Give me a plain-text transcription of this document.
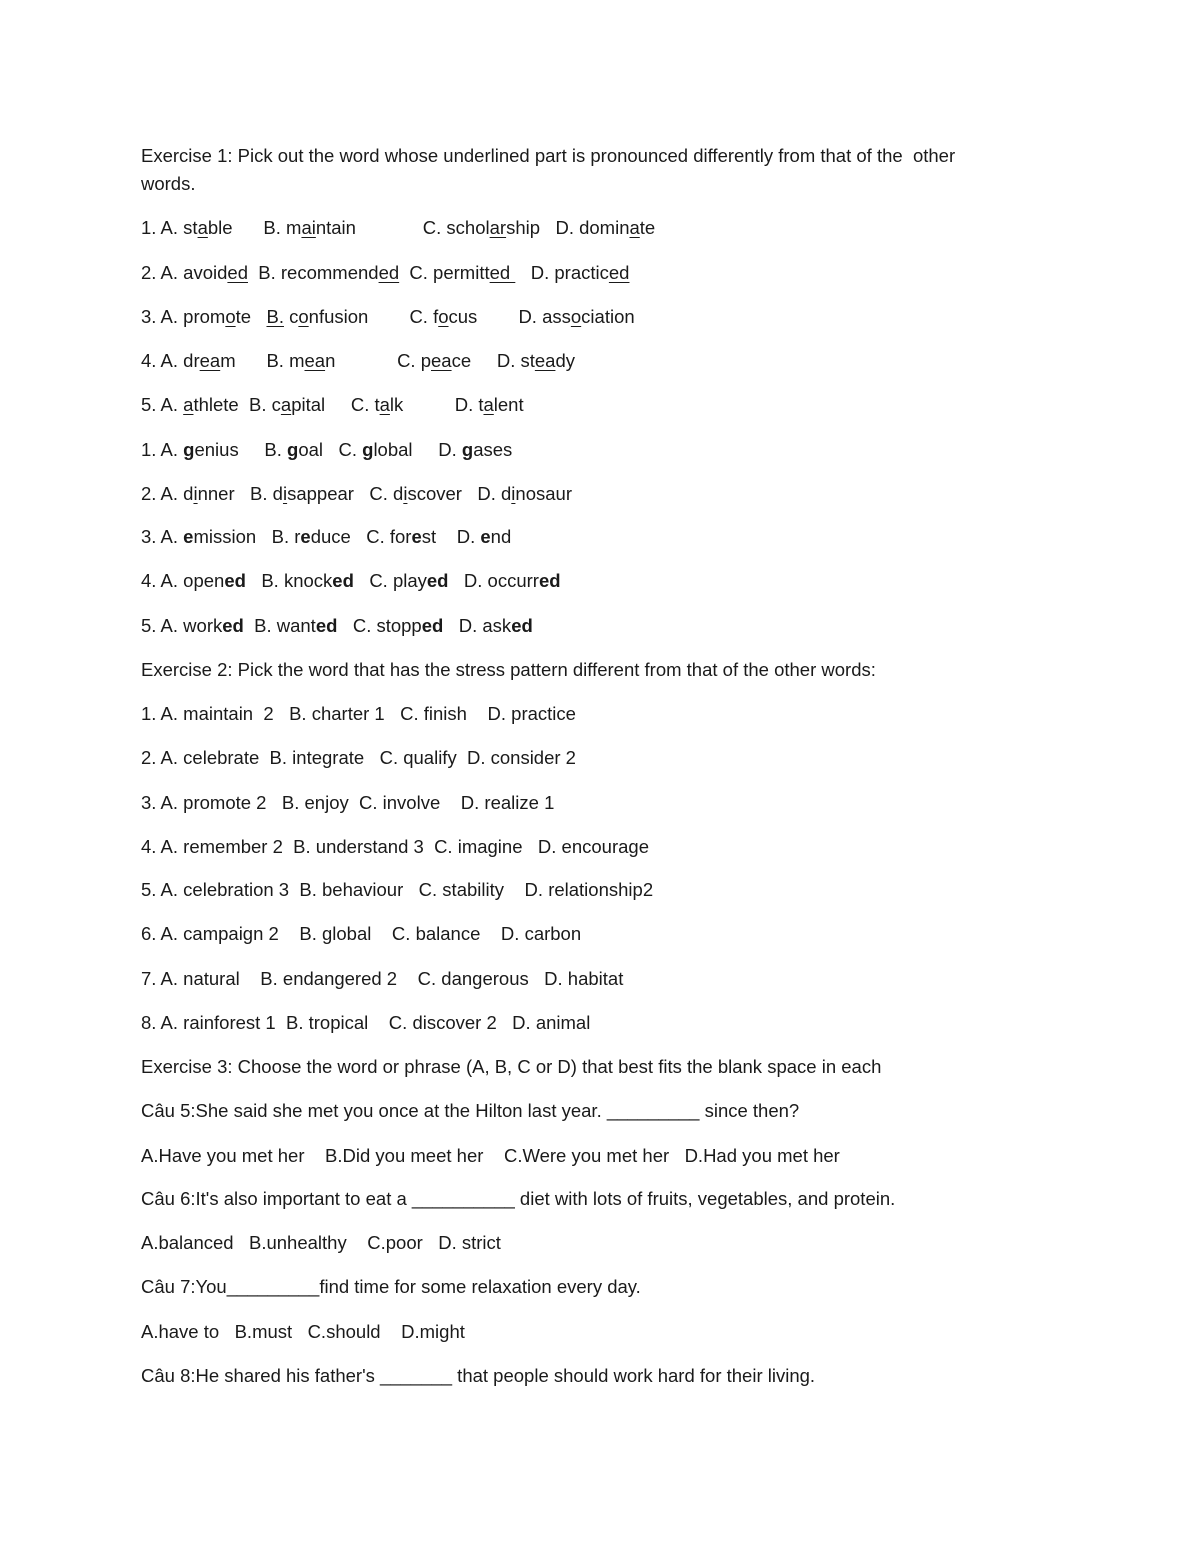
Exercise 1: Pick out the word whose underlined part is pronounced differently from that of the  other
words.
1. A. stable B. maintain	C. scholarship D. dominate
2. A. avoided B. recommended C. permitted    D. practiced
3. A. promote B. confusion C. focus D. association
4. A. dream B. mean	C. peace D. steady
5. A. athlete B. capital C. talk	D. talent
1. A. genius B. goal C. global D. gases
2. A. dinner B. disappear C. discover D. dinosaur
3. A. emission B. reduce C. forest D. end
4. A. opened B. knocked C. played D. occurred
5. A. worked B. wanted C. stopped D. asked
Exercise 2: Pick the word that has the stress pattern different from that of the other words:
1. A. maintain  2   B. charter 1   C. finish    D. practice
2. A. celebrate  B. integrate   C. qualify  D. consider 2
3. A. promote 2   B. enjoy  C. involve    D. realize 1
4. A. remember 2  B. understand 3  C. imagine   D. encourage
5. A. celebration 3  B. behaviour   C. stability    D. relationship2
6. A. campaign 2    B. global    C. balance    D. carbon
7. A. natural    B. endangered 2    C. dangerous   D. habitat
8. A. rainforest 1  B. tropical    C. discover 2   D. animal
Exercise 3: Choose the word or phrase (A, B, C or D) that best fits the blank space in each
Câu 5:She said she met you once at the Hilton last year. _________ since then?
A.Have you met her    B.Did you meet her    C.Were you met her   D.Had you met her
Câu 6:It's also important to eat a __________ diet with lots of fruits, vegetables, and protein.
A.balanced   B.unhealthy    C.poor   D. strict
Câu 7:You_________find time for some relaxation every day.
A.have to   B.must   C.should    D.might
Câu 8:He shared his father's _______ that people should work hard for their living.
